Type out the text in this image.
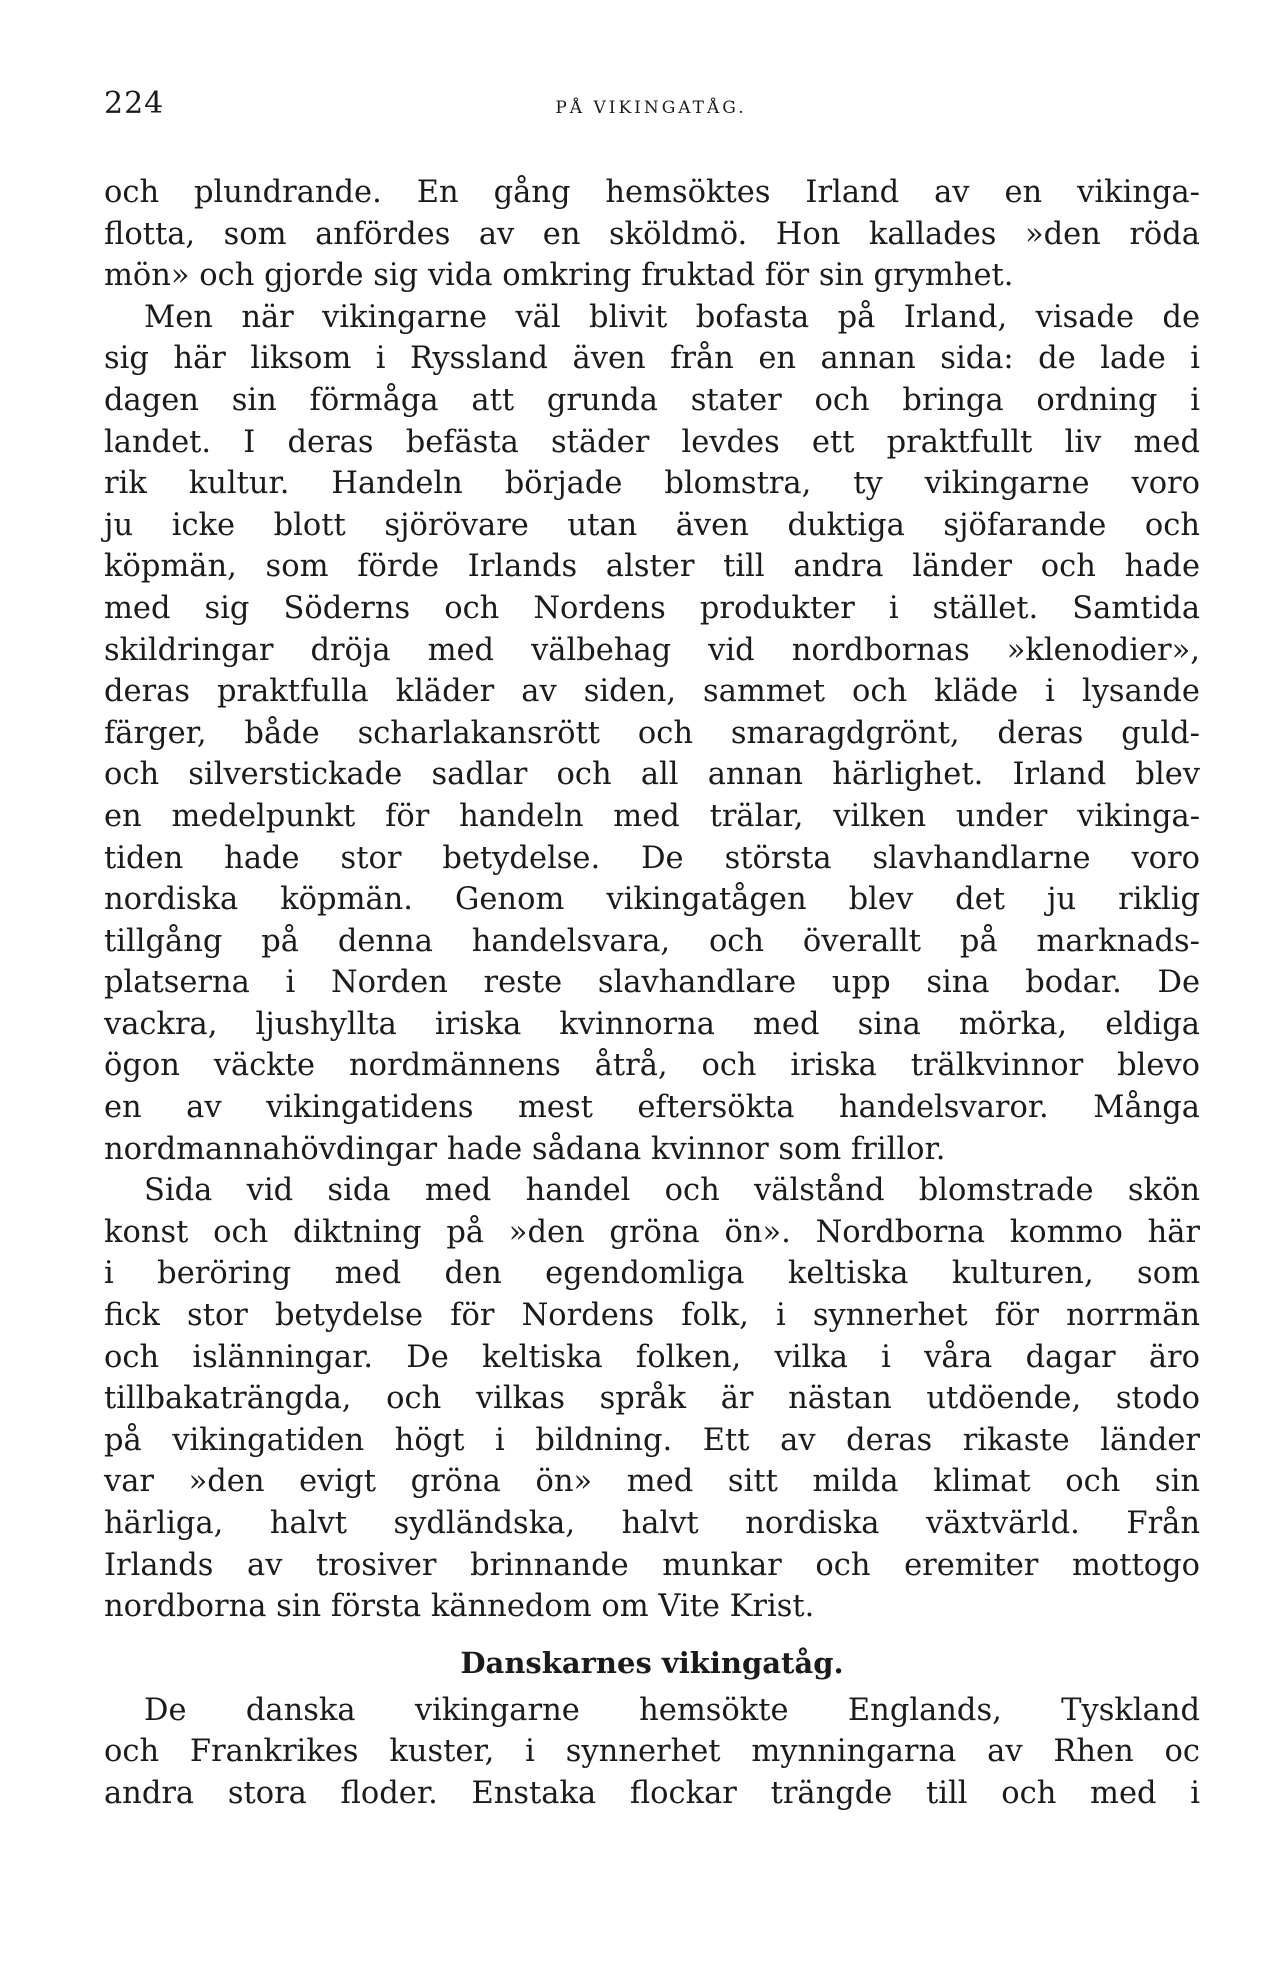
224	PÅ VIKINGATÅG.
och plundrande. En gång hemsöktes Irland av en vikinga-
flotta, som anfördes av en sköldmö. Hon kallades »den röda
mön» och gjorde sig vida omkring fruktad för sin grymhet.
Men när vikingarne väl blivit bofasta på Irland, visade de
sig här liksom i Ryssland även från en annan sida: de lade i
dagen sin förmåga att grunda stater och bringa ordning i
landet. I deras befästa städer levdes ett praktfullt liv med
rik kultur. Handeln började blomstra, ty vikingarne voro
ju icke blott sjörövare utan även duktiga sjöfarande och
köpmän, som förde Irlands alster till andra länder och hade
med sig Söderns och Nordens produkter i stället. Samtida
skildringar dröja med välbehag vid nordbornas »klenodier»,
deras praktfulla kläder av siden, sammet och kläde i lysande
färger, både scharlakansrött och smaragdgrönt, deras guld-
och silverstickade sadlar och all annan härlighet. Irland blev
en medelpunkt för handeln med trälar, vilken under vikinga-
tiden hade stor betydelse. De största slavhandlarne voro
nordiska köpmän. Genom vikingatågen blev det ju riklig
tillgång på denna handelsvara, och överallt på marknads-
platserna i Norden reste slavhandlare upp sina bodar. De
vackra, ljushyllta iriska kvinnorna med sina mörka, eldiga
ögon väckte nordmännens åtrå, och iriska trälkvinnor blevo
en av vikingatidens mest eftersökta handelsvaror. Många
nordmannahövdingar hade sådana kvinnor som frillor.
Sida vid sida med handel och välstånd blomstrade skön
konst och diktning på »den gröna ön». Nordborna kommo här
i beröring med den egendomliga keltiska kulturen, som
fick stor betydelse för Nordens folk, i synnerhet för norrmän
och islänningar. De keltiska folken, vilka i våra dagar äro
tillbakaträngda, och vilkas språk är nästan utdöende, stodo
på vikingatiden högt i bildning. Ett av deras rikaste länder
var »den evigt gröna ön» med sitt milda klimat och sin
härliga, halvt sydländska, halvt nordiska växtvärld. Från
Irlands av trosiver brinnande munkar och eremiter mottogo
nordborna sin första kännedom om Vite Krist.
Danskarnes vikingatåg.
De danska vikingarne hemsökte Englands, Tyskland
och Frankrikes kuster, i synnerhet mynningarna av Rhen oc
andra stora floder. Enstaka flockar trängde till och med i
